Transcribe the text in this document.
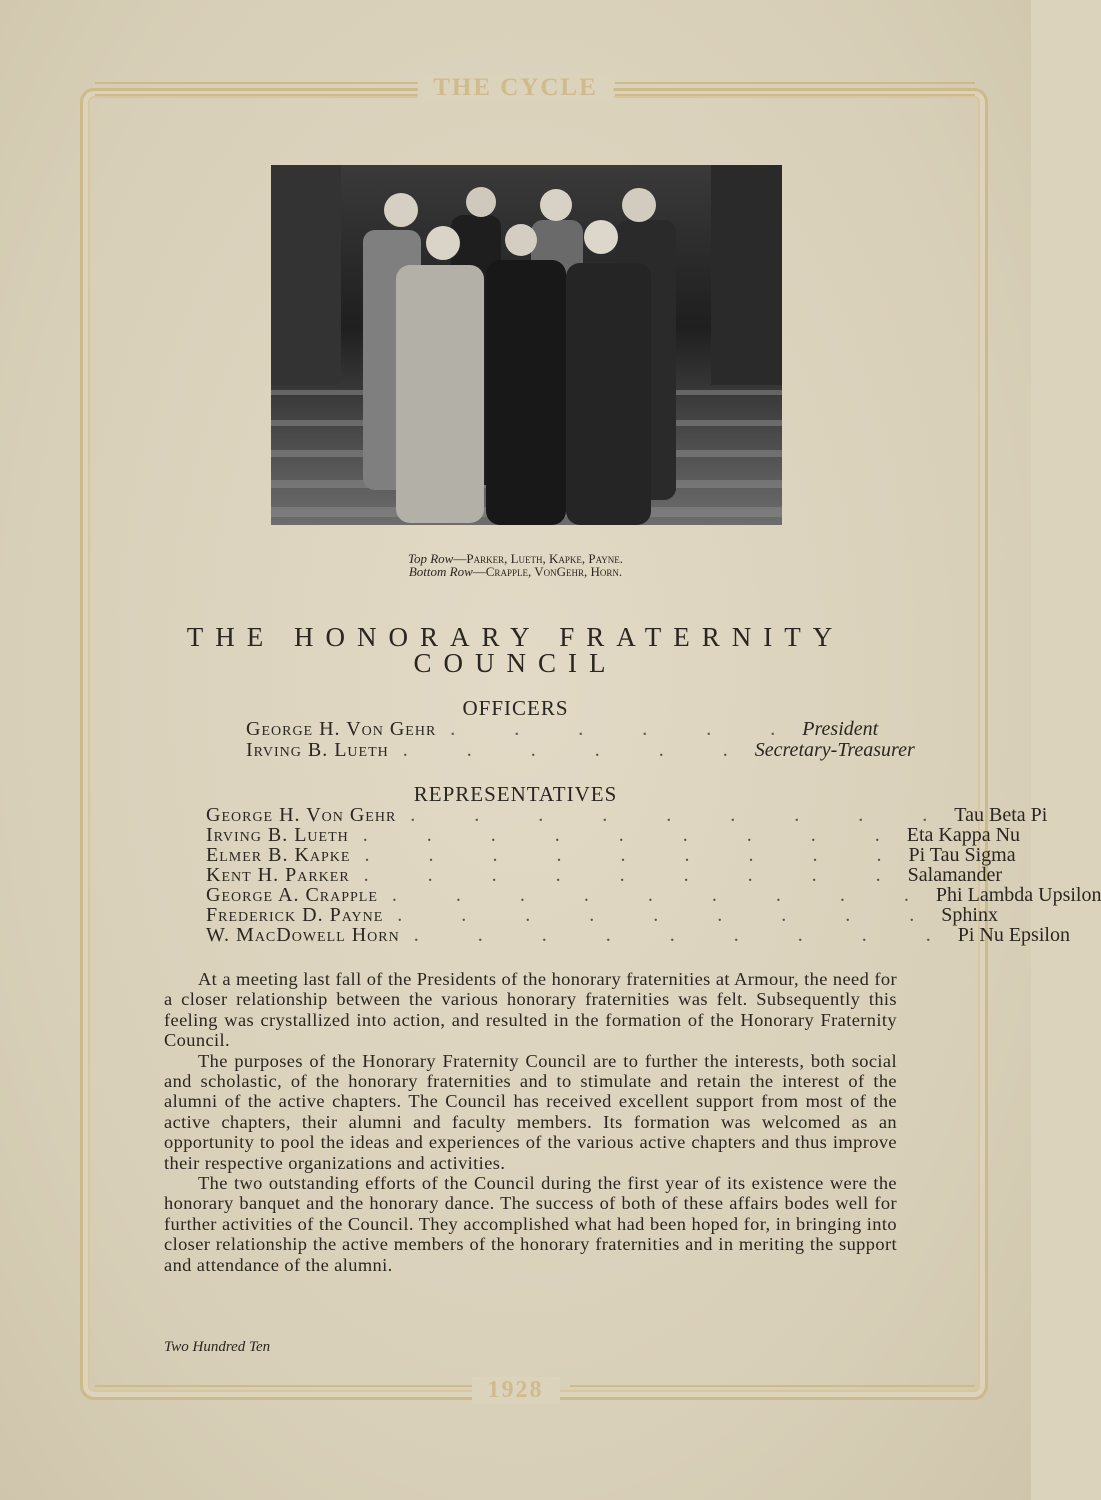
THE CYCLE
1928
Top Row—Parker, Lueth, Kapke, Payne.
Bottom Row—Crapple, VonGehr, Horn.
THE HONORARY FRATERNITY
COUNCIL
OFFICERS
George H. Von Gehr . . . . . . President
Irving B. Lueth . . . . . . Secretary-Treasurer
REPRESENTATIVES
George H. Von Gehr . . . . . . . . . Tau Beta Pi
Irving B. Lueth . . . . . . . . . Eta Kappa Nu
Elmer B. Kapke . . . . . . . . . Pi Tau Sigma
Kent H. Parker . . . . . . . . . Salamander
George A. Crapple . . . . . . . . . Phi Lambda Upsilon
Frederick D. Payne . . . . . . . . . Sphinx
W. MacDowell Horn . . . . . . . . . Pi Nu Epsilon

At a meeting last fall of the Presidents of the honorary fraternities at Armour, the need for a closer relationship between the various honorary fraternities was felt. Subsequently this feeling was crystallized into action, and resulted in the formation of the Honorary Fraternity Council.

The purposes of the Honorary Fraternity Council are to further the interests, both social and scholastic, of the honorary fraternities and to stimulate and retain the interest of the alumni of the active chapters. The Council has received excellent support from most of the active chapters, their alumni and faculty members. Its formation was welcomed as an opportunity to pool the ideas and experiences of the various active chapters and thus improve their respective organizations and activities.

The two outstanding efforts of the Council during the first year of its existence were the honorary banquet and the honorary dance. The success of both of these affairs bodes well for further activities of the Council. They accomplished what had been hoped for, in bringing into closer relationship the active members of the honorary fraternities and in meriting the support and attendance of the alumni.

Two Hundred Ten
